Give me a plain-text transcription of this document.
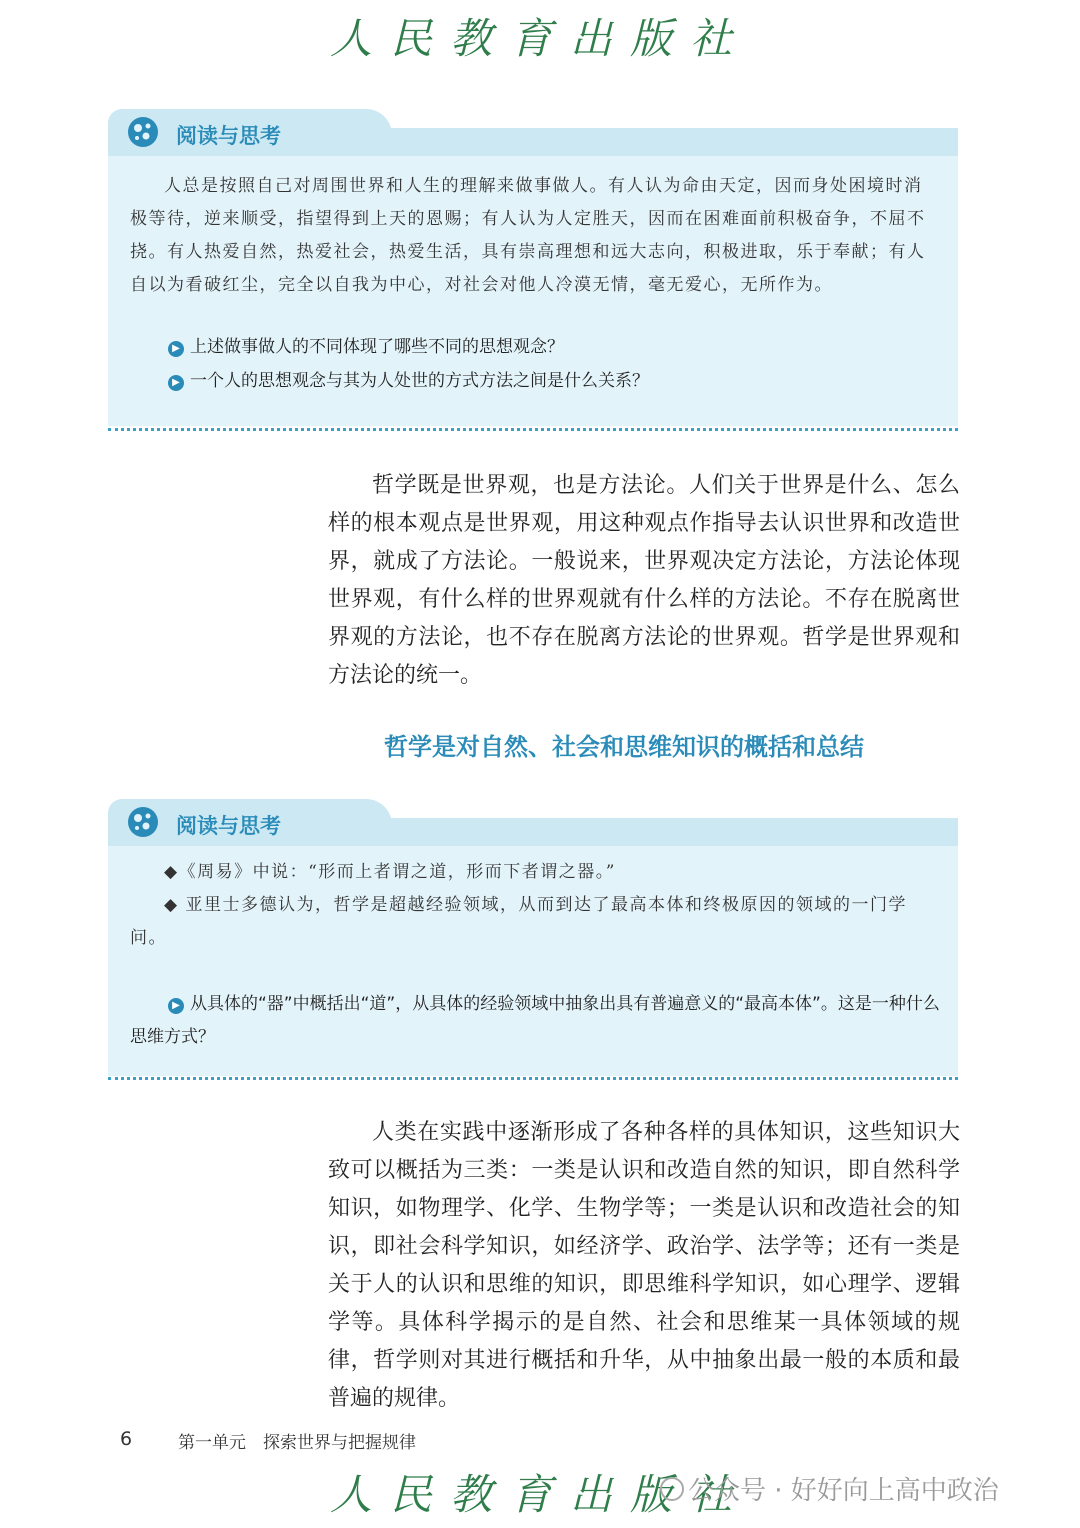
人民教育出版社
阅读与思考

人总是按照自己对周围世界和人生的理解来做事做人。有人认为命由天定，因而身处困境时消极等待，逆来顺受，指望得到上天的恩赐；有人认为人定胜天，因而在困难面前积极奋争，不屈不挠。有人热爱自然，热爱社会，热爱生活，具有崇高理想和远大志向，积极进取，乐于奉献；有人自以为看破红尘，完全以自我为中心，对社会对他人冷漠无情，毫无爱心，无所作为。

▶ 上述做事做人的不同体现了哪些不同的思想观念？
▶ 一个人的思想观念与其为人处世的方式方法之间是什么关系？

哲学既是世界观，也是方法论。人们关于世界是什么、怎么样的根本观点是世界观，用这种观点作指导去认识世界和改造世界，就成了方法论。一般说来，世界观决定方法论，方法论体现世界观，有什么样的世界观就有什么样的方法论。不存在脱离世界观的方法论，也不存在脱离方法论的世界观。哲学是世界观和方法论的统一。

哲学是对自然、社会和思维知识的概括和总结
阅读与思考

◆《周易》中说：“形而上者谓之道，形而下者谓之器。”

◆ 亚里士多德认为，哲学是超越经验领域，从而到达了最高本体和终极原因的领域的一门学问。

▶ 从具体的“器”中概括出“道”，从具体的经验领域中抽象出具有普遍意义的“最高本体”。这是一种什么思维方式？

人类在实践中逐渐形成了各种各样的具体知识，这些知识大致可以概括为三类：一类是认识和改造自然的知识，即自然科学知识，如物理学、化学、生物学等；一类是认识和改造社会的知识，即社会科学知识，如经济学、政治学、法学等；还有一类是关于人的认识和思维的知识，即思维科学知识，如心理学、逻辑学等。具体科学揭示的是自然、社会和思维某一具体领域的规律，哲学则对其进行概括和升华，从中抽象出最一般的本质和最普遍的规律。

6	第一单元　探索世界与把握规律
人民教育出版社
公众号 · 好好向上高中政治
